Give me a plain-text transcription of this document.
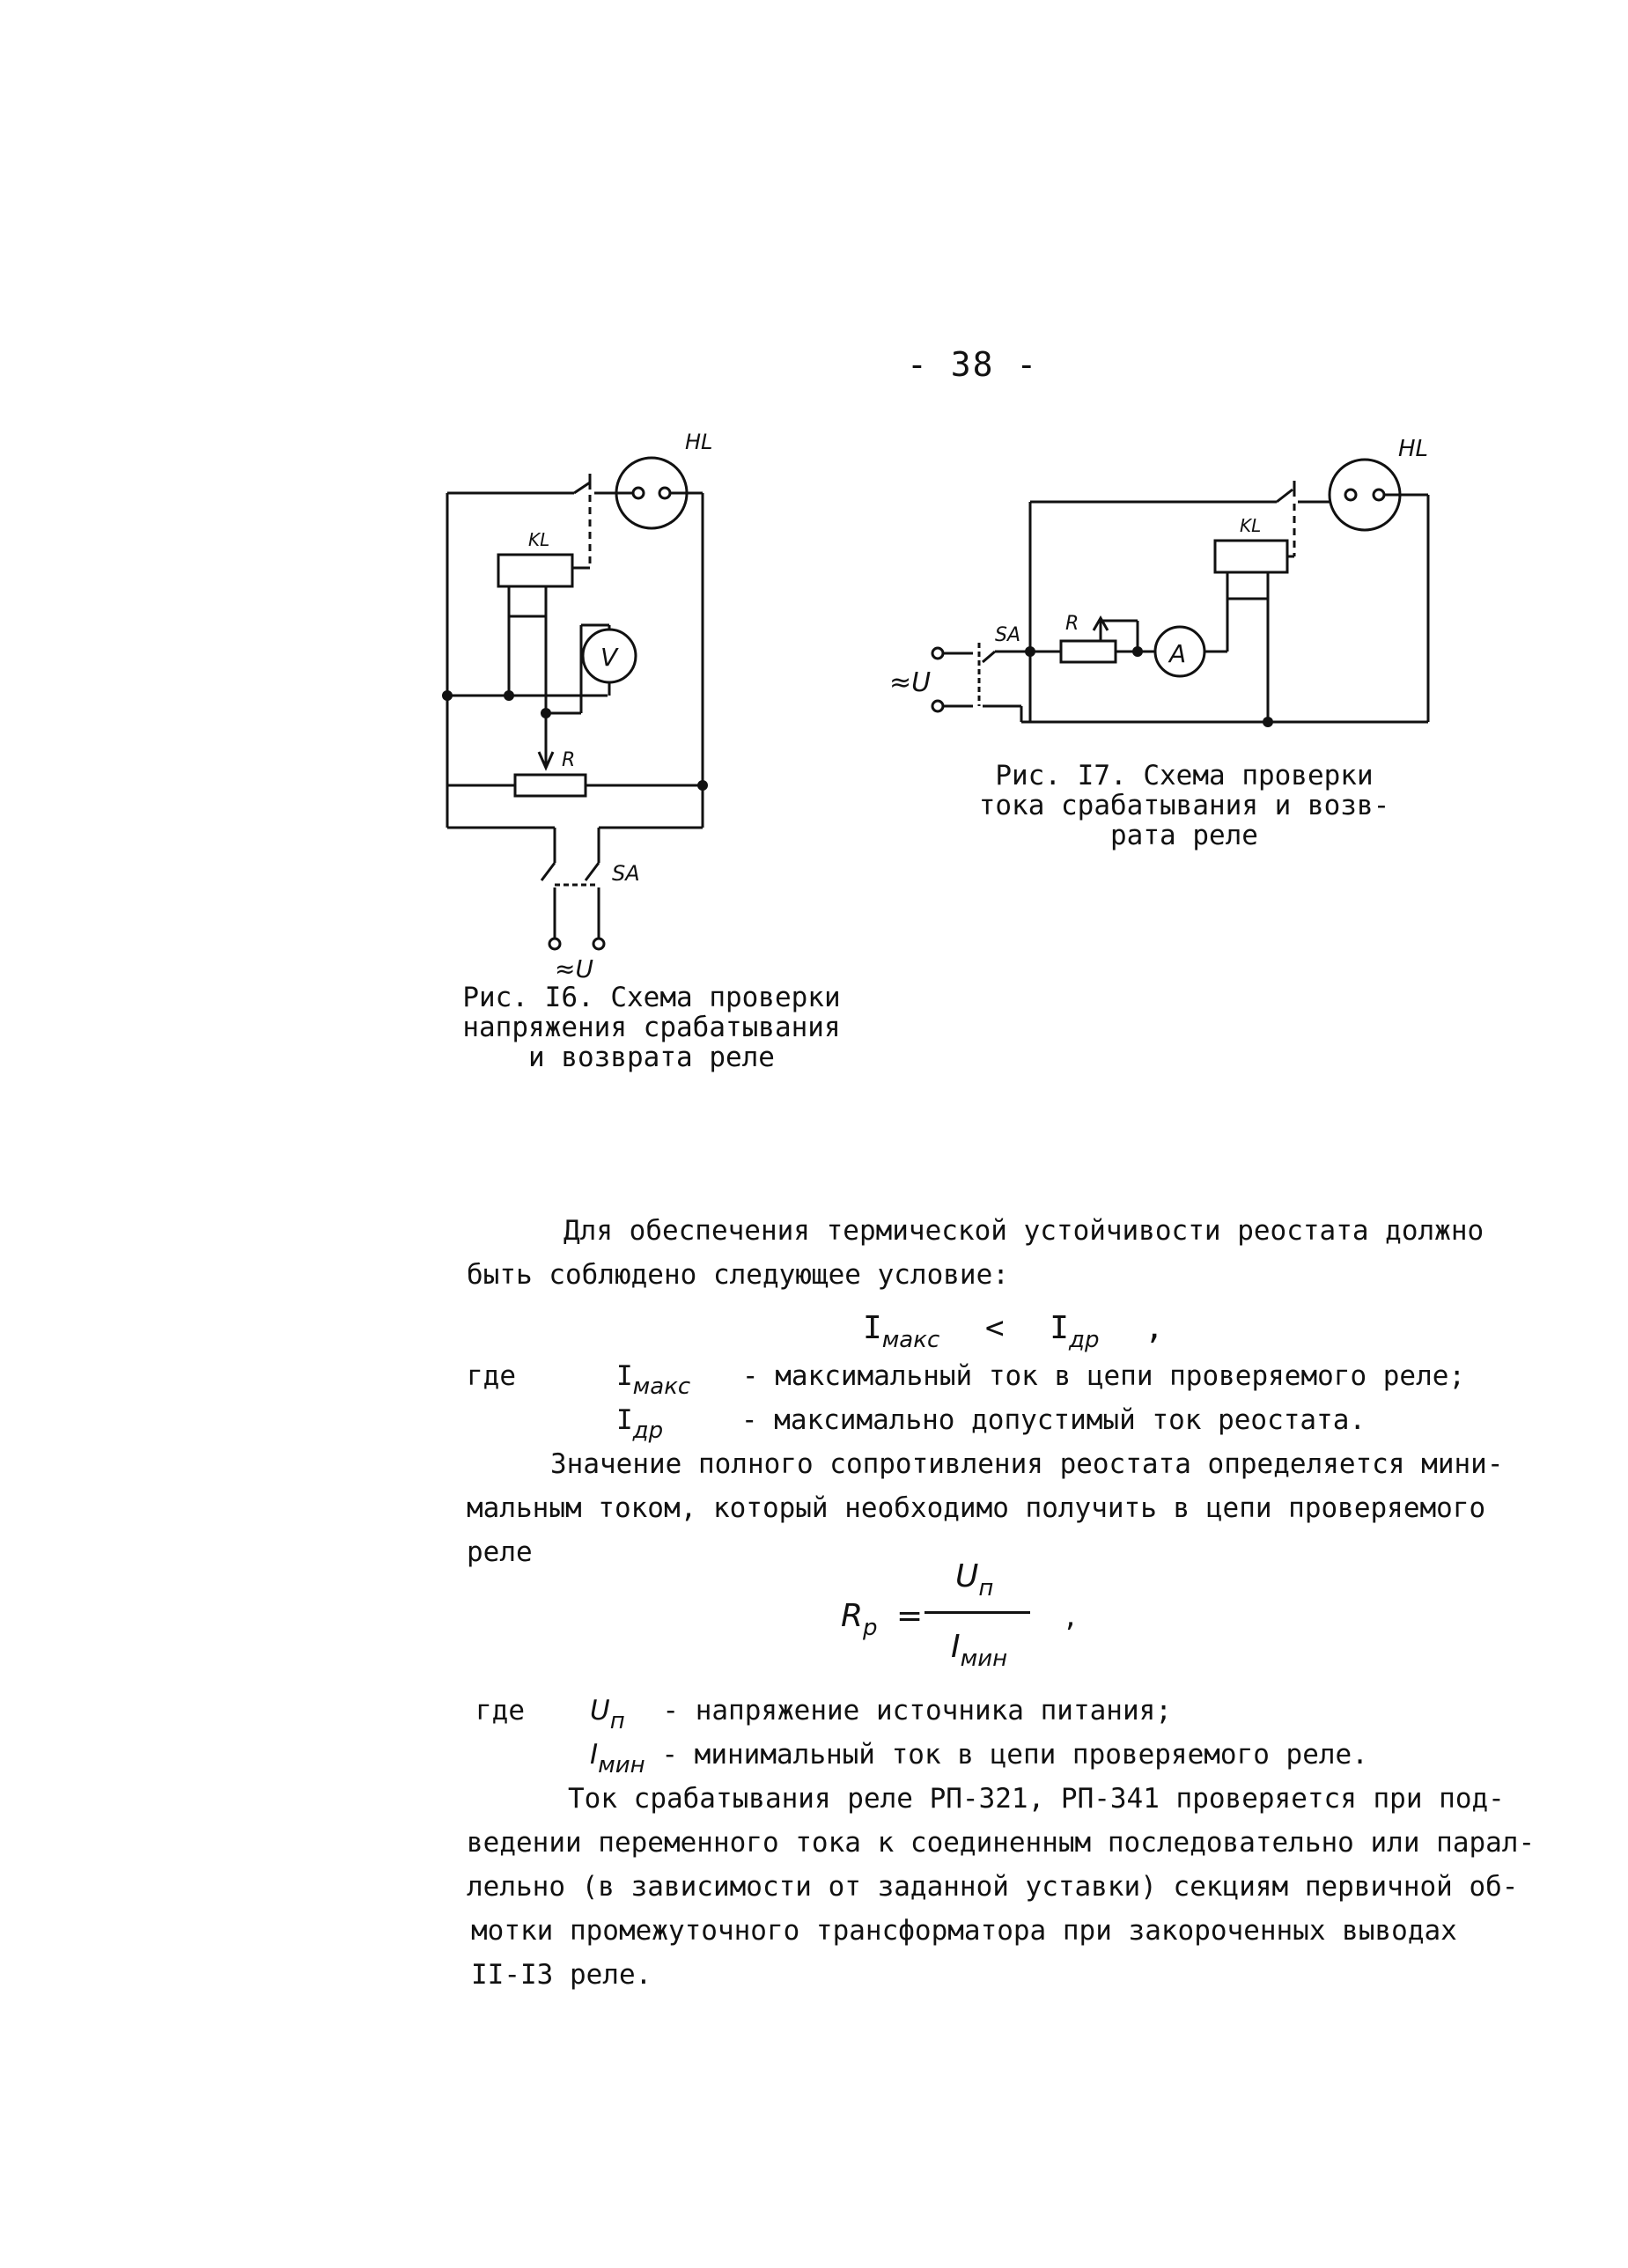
- 38 -
HL
KL
V
R
SA
≈U
Рис. I6. Схема проверки
напряжения срабатывания
и возврата реле
HL
KL
A
R
SA
≈U
Рис. I7. Схема проверки
тока срабатывания и возв-
рата реле
Для обеспечения термической устойчивости реостата должно
быть соблюдено следующее условие:
$I_{макс} < I_{др}$ ,
где	$I_{макс}$ - максимальный ток в цепи проверяемого реле;
$I_{др}$	- максимально допустимый ток реостата.
Значение полного сопротивления реостата определяется мини-
мальным током, который необходимо получить в цепи проверяемого
реле
$R_р$ =
$U_п$
$I_{мин}$
,
где $U_п$ - напряжение источника питания;
$I_{мин}$ - минимальный ток в цепи проверяемого реле.
Ток срабатывания реле РП-321, РП-341 проверяется при под-
ведении переменного тока к соединенным последовательно или парал-
лельно (в зависимости от заданной уставки) секциям первичной об-
мотки промежуточного трансформатора при закороченных выводах
II-I3 реле.
